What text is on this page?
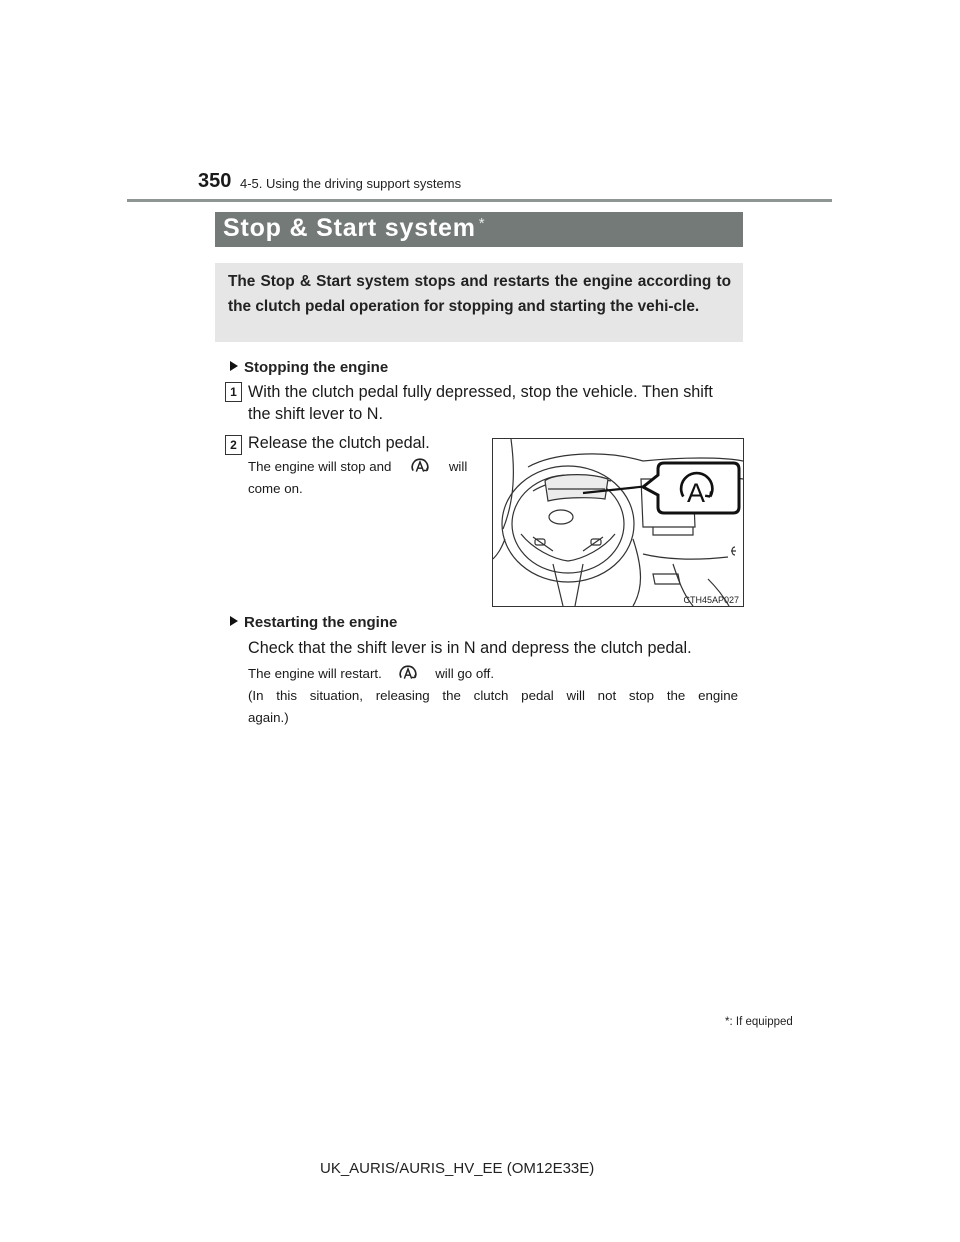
350 4-5. Using the driving support systems
Stop & Start system *
The Stop & Start system stops and restarts the engine according to the clutch pedal operation for stopping and starting the vehi-cle.
Stopping the engine
1 With the clutch pedal fully depressed, stop the vehicle. Then shift
the shift lever to N.
2 Release the clutch pedal.
The engine will stop and	will
come on.	A
CTH45AP027
Restarting the engine
Check that the shift lever is in N and depress the clutch pedal.
The engine will restart.	will go off.
(In this situation, releasing the clutch pedal will not stop the engine
again.)
*: If equipped
UK_AURIS/AURIS_HV_EE (OM12E33E)
